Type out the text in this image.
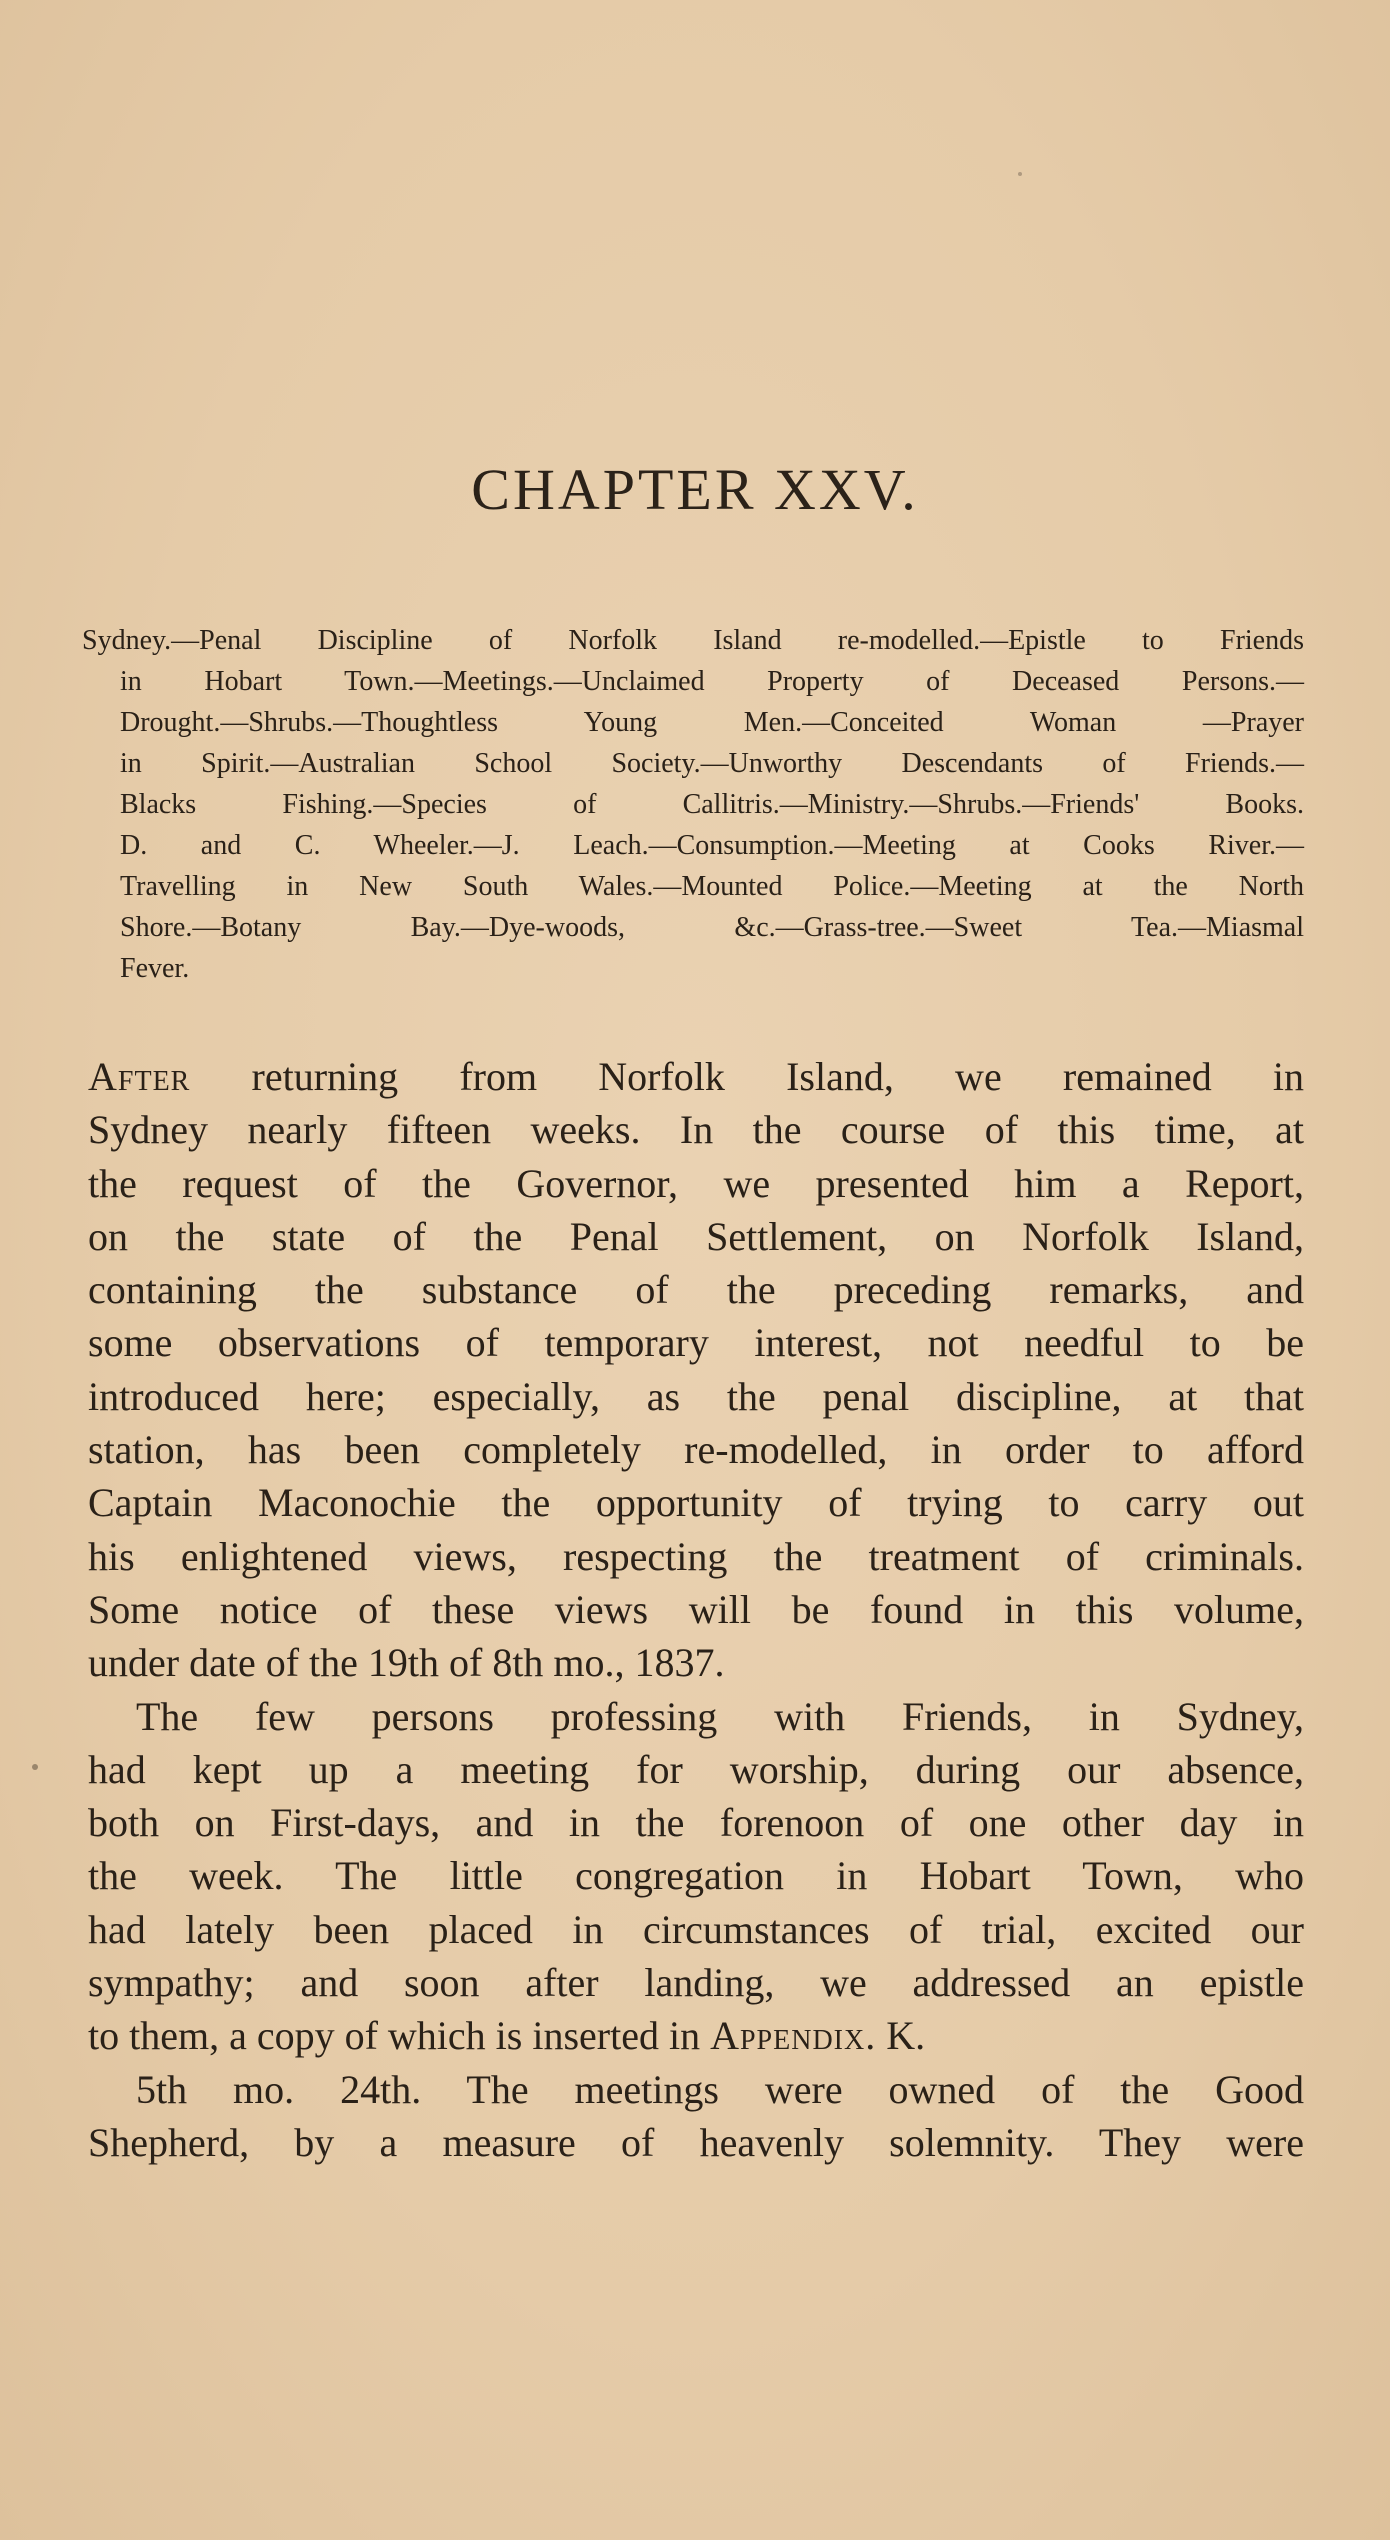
CHAPTER XXV.
Sydney.—Penal Discipline of Norfolk Island re-modelled.—Epistle to Friends
in Hobart Town.—Meetings.—Unclaimed Property of Deceased Persons.—
Drought.—Shrubs.—Thoughtless Young Men.—Conceited Woman —Prayer
in Spirit.—Australian School Society.—Unworthy Descendants of Friends.—
Blacks Fishing.—Species of Callitris.—Ministry.—Shrubs.—Friends' Books.
D. and C. Wheeler.—J. Leach.—Consumption.—Meeting at Cooks River.—
Travelling in New South Wales.—Mounted Police.—Meeting at the North
Shore.—Botany Bay.—Dye-woods, &c.—Grass-tree.—Sweet Tea.—Miasmal
Fever.
After returning from Norfolk Island, we remained in
Sydney nearly fifteen weeks. In the course of this time, at
the request of the Governor, we presented him a Report,
on the state of the Penal Settlement, on Norfolk Island,
containing the substance of the preceding remarks, and
some observations of temporary interest, not needful to be
introduced here; especially, as the penal discipline, at that
station, has been completely re-modelled, in order to afford
Captain Maconochie the opportunity of trying to carry out
his enlightened views, respecting the treatment of criminals.
Some notice of these views will be found in this volume,
under date of the 19th of 8th mo., 1837.
The few persons professing with Friends, in Sydney,
had kept up a meeting for worship, during our absence,
both on First-days, and in the forenoon of one other day in
the week. The little congregation in Hobart Town, who
had lately been placed in circumstances of trial, excited our
sympathy; and soon after landing, we addressed an epistle
to them, a copy of which is inserted in Appendix. K.
5th mo. 24th. The meetings were owned of the Good
Shepherd, by a measure of heavenly solemnity. They were
